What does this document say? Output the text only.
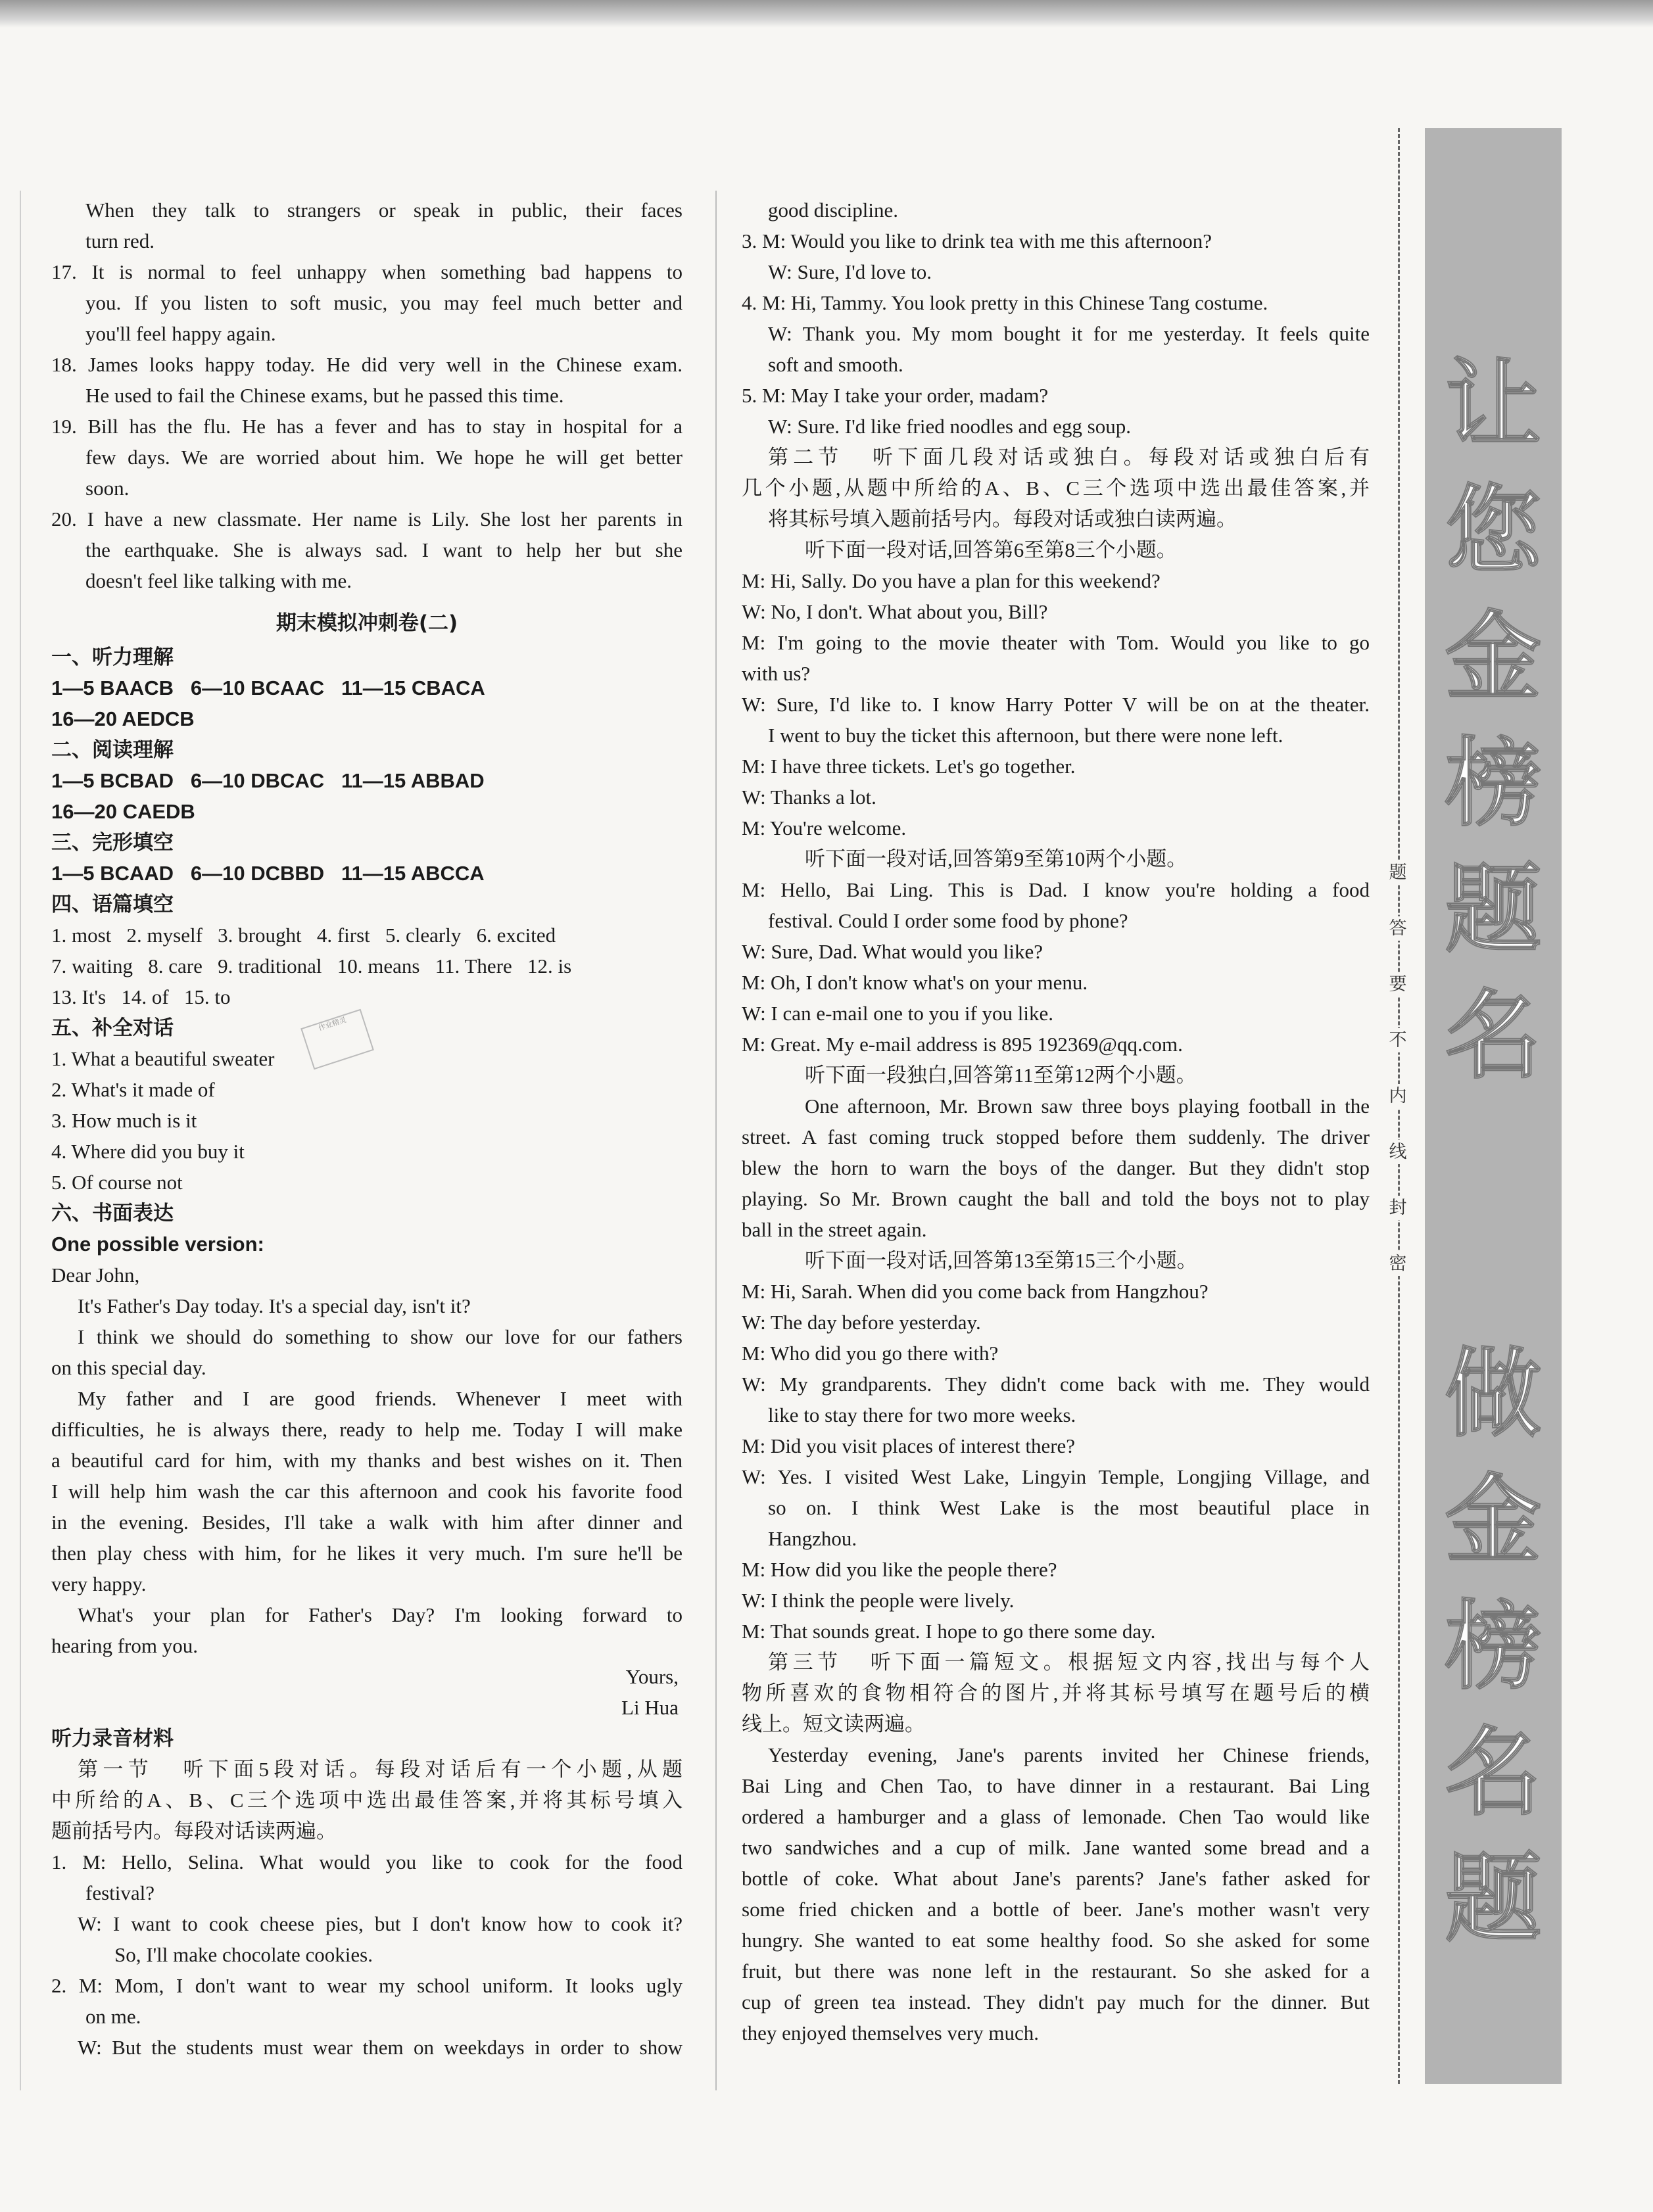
When they talk to strangers or speak in public, their faces
turn red.
17. It is normal to feel unhappy when something bad happens to
you. If you listen to soft music, you may feel much better and
you'll feel happy again.
18. James looks happy today. He did very well in the Chinese exam.
He used to fail the Chinese exams, but he passed this time.
19. Bill has the flu. He has a fever and has to stay in hospital for a
few days. We are worried about him. We hope he will get better
soon.
20. I have a new classmate. Her name is Lily. She lost her parents in
the earthquake. She is always sad. I want to help her but she
doesn't feel like talking with me.
期末模拟冲刺卷(二)
一、听力理解
1—5 BAACB   6—10 BCAAC   11—15 CBACA
16—20 AEDCB
二、阅读理解
1—5 BCBAD   6—10 DBCAC   11—15 ABBAD
16—20 CAEDB
三、完形填空
1—5 BCAAD   6—10 DCBBD   11—15 ABCCA
四、语篇填空
1. most   2. myself   3. brought   4. first   5. clearly   6. excited
7. waiting   8. care   9. traditional   10. means   11. There   12. is
13. It's   14. of   15. to
五、补全对话
1. What a beautiful sweater
2. What's it made of
3. How much is it
4. Where did you buy it
5. Of course not
六、书面表达
One possible version:
Dear John,
It's Father's Day today. It's a special day, isn't it?
I think we should do something to show our love for our fathers
on this special day.
My father and I are good friends. Whenever I meet with
difficulties, he is always there, ready to help me. Today I will make
a beautiful card for him, with my thanks and best wishes on it. Then
I will help him wash the car this afternoon and cook his favorite food
in the evening. Besides, I'll take a walk with him after dinner and
then play chess with him, for he likes it very much. I'm sure he'll be
very happy.
What's your plan for Father's Day? I'm looking forward to
hearing from you.
Yours,
Li Hua
听力录音材料
第一节   听下面5段对话。每段对话后有一个小题,从题
中所给的A、B、C三个选项中选出最佳答案,并将其标号填入
题前括号内。每段对话读两遍。
1. M: Hello, Selina. What would you like to cook for the food
festival?
W: I want to cook cheese pies, but I don't know how to cook it?
So, I'll make chocolate cookies.
2. M: Mom, I don't want to wear my school uniform. It looks ugly
on me.
W: But the students must wear them on weekdays in order to show
作业精灵
good discipline.
3. M: Would you like to drink tea with me this afternoon?
W: Sure, I'd love to.
4. M: Hi, Tammy. You look pretty in this Chinese Tang costume.
W: Thank you. My mom bought it for me yesterday. It feels quite
soft and smooth.
5. M: May I take your order, madam?
W: Sure. I'd like fried noodles and egg soup.
第二节   听下面几段对话或独白。每段对话或独白后有
几个小题,从题中所给的A、B、C三个选项中选出最佳答案,并
将其标号填入题前括号内。每段对话或独白读两遍。
听下面一段对话,回答第6至第8三个小题。
M: Hi, Sally. Do you have a plan for this weekend?
W: No, I don't. What about you, Bill?
M: I'm going to the movie theater with Tom. Would you like to go
with us?
W: Sure, I'd like to. I know Harry Potter V will be on at the theater.
I went to buy the ticket this afternoon, but there were none left.
M: I have three tickets. Let's go together.
W: Thanks a lot.
M: You're welcome.
听下面一段对话,回答第9至第10两个小题。
M: Hello, Bai Ling. This is Dad. I know you're holding a food
festival. Could I order some food by phone?
W: Sure, Dad. What would you like?
M: Oh, I don't know what's on your menu.
W: I can e-mail one to you if you like.
M: Great. My e-mail address is 895 192369@qq.com.
听下面一段独白,回答第11至第12两个小题。
One afternoon, Mr. Brown saw three boys playing football in the
street. A fast coming truck stopped before them suddenly. The driver
blew the horn to warn the boys of the danger. But they didn't stop
playing. So Mr. Brown caught the ball and told the boys not to play
ball in the street again.
听下面一段对话,回答第13至第15三个小题。
M: Hi, Sarah. When did you come back from Hangzhou?
W: The day before yesterday.
M: Who did you go there with?
W: My grandparents. They didn't come back with me. They would
like to stay there for two more weeks.
M: Did you visit places of interest there?
W: Yes. I visited West Lake, Lingyin Temple, Longjing Village, and
so on. I think West Lake is the most beautiful place in
Hangzhou.
M: How did you like the people there?
W: I think the people were lively.
M: That sounds great. I hope to go there some day.
第三节   听下面一篇短文。根据短文内容,找出与每个人
物所喜欢的食物相符合的图片,并将其标号填写在题号后的横
线上。短文读两遍。
Yesterday evening, Jane's parents invited her Chinese friends,
Bai Ling and Chen Tao, to have dinner in a restaurant. Bai Ling
ordered a hamburger and a glass of lemonade. Chen Tao would like
two sandwiches and a cup of milk. Jane wanted some bread and a
bottle of coke. What about Jane's parents? Jane's father asked for
some fried chicken and a bottle of beer. Jane's mother wasn't very
hungry. She wanted to eat some healthy food. So she asked for some
fruit, but there was none left in the restaurant. So she asked for a
cup of green tea instead. They didn't pay much for the dinner. But
they enjoyed themselves very much.
题
答
要
不
内
线
封
密
让
您
金
榜
题
名
做
金
榜
名
题
